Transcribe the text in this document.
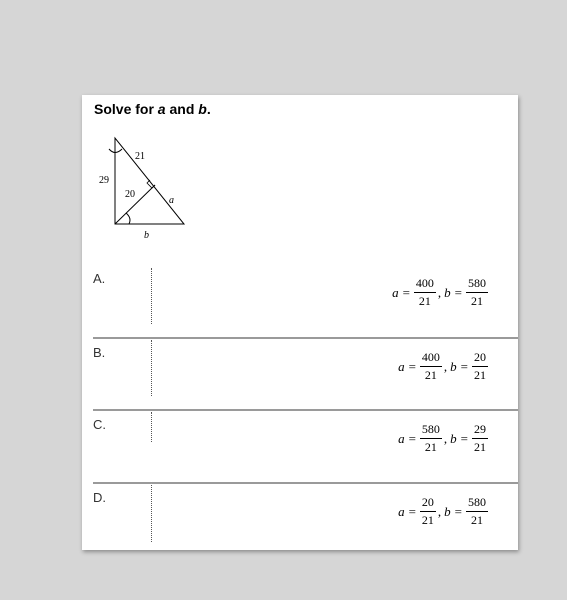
Solve for a and b.
21
29
20
a
b
A.
$a = \frac{400}{21}$ , $b = \frac{580}{21}$
B.
$a = \frac{400}{21}$ , $b = \frac{20}{21}$
C.
$a = \frac{580}{21}$ , $b = \frac{29}{21}$
D.
$a = \frac{20}{21}$ , $b = \frac{580}{21}$
